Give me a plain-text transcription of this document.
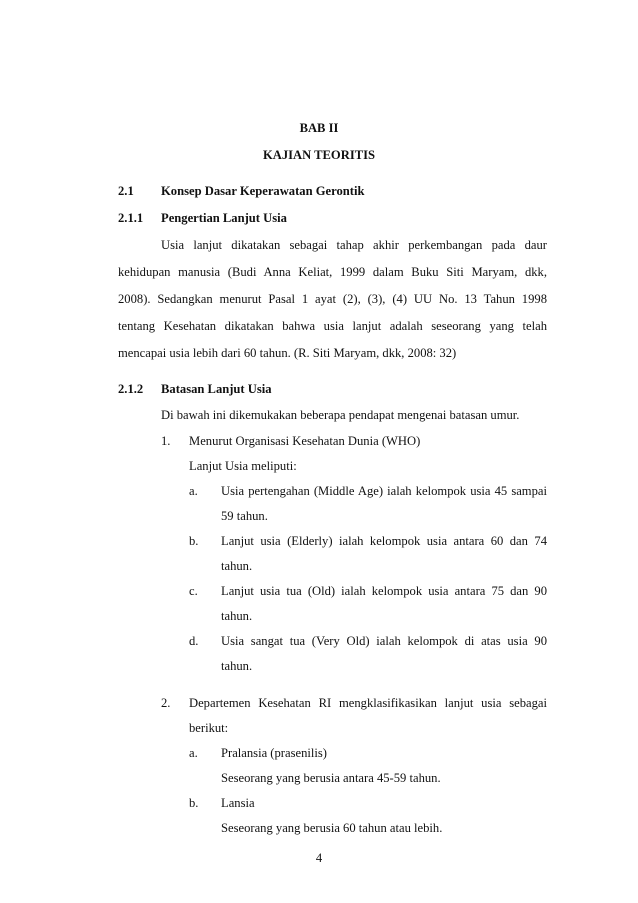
BAB II
KAJIAN TEORITIS
2.1 Konsep Dasar Keperawatan Gerontik
2.1.1 Pengertian Lanjut Usia
Usia lanjut dikatakan sebagai tahap akhir perkembangan pada daur
kehidupan manusia (Budi Anna Keliat, 1999 dalam Buku Siti Maryam, dkk,
2008). Sedangkan menurut Pasal 1 ayat (2), (3), (4) UU No. 13 Tahun 1998
tentang Kesehatan dikatakan bahwa usia lanjut adalah seseorang yang telah
mencapai usia lebih dari 60 tahun. (R. Siti Maryam, dkk, 2008: 32)
2.1.2 Batasan Lanjut Usia
Di bawah ini dikemukakan beberapa pendapat mengenai batasan umur.
1. Menurut Organisasi Kesehatan Dunia (WHO)
Lanjut Usia meliputi:
a. Usia pertengahan (Middle Age) ialah kelompok usia 45 sampai
59 tahun.
b. Lanjut usia (Elderly) ialah kelompok usia antara 60 dan 74
tahun.
c. Lanjut usia tua (Old) ialah kelompok usia antara 75 dan 90
tahun.
d. Usia sangat tua (Very Old) ialah kelompok di atas usia 90
tahun.
2. Departemen Kesehatan RI mengklasifikasikan lanjut usia sebagai
berikut:
a. Pralansia (prasenilis)
Seseorang yang berusia antara 45-59 tahun.
b. Lansia
Seseorang yang berusia 60 tahun atau lebih.
4
